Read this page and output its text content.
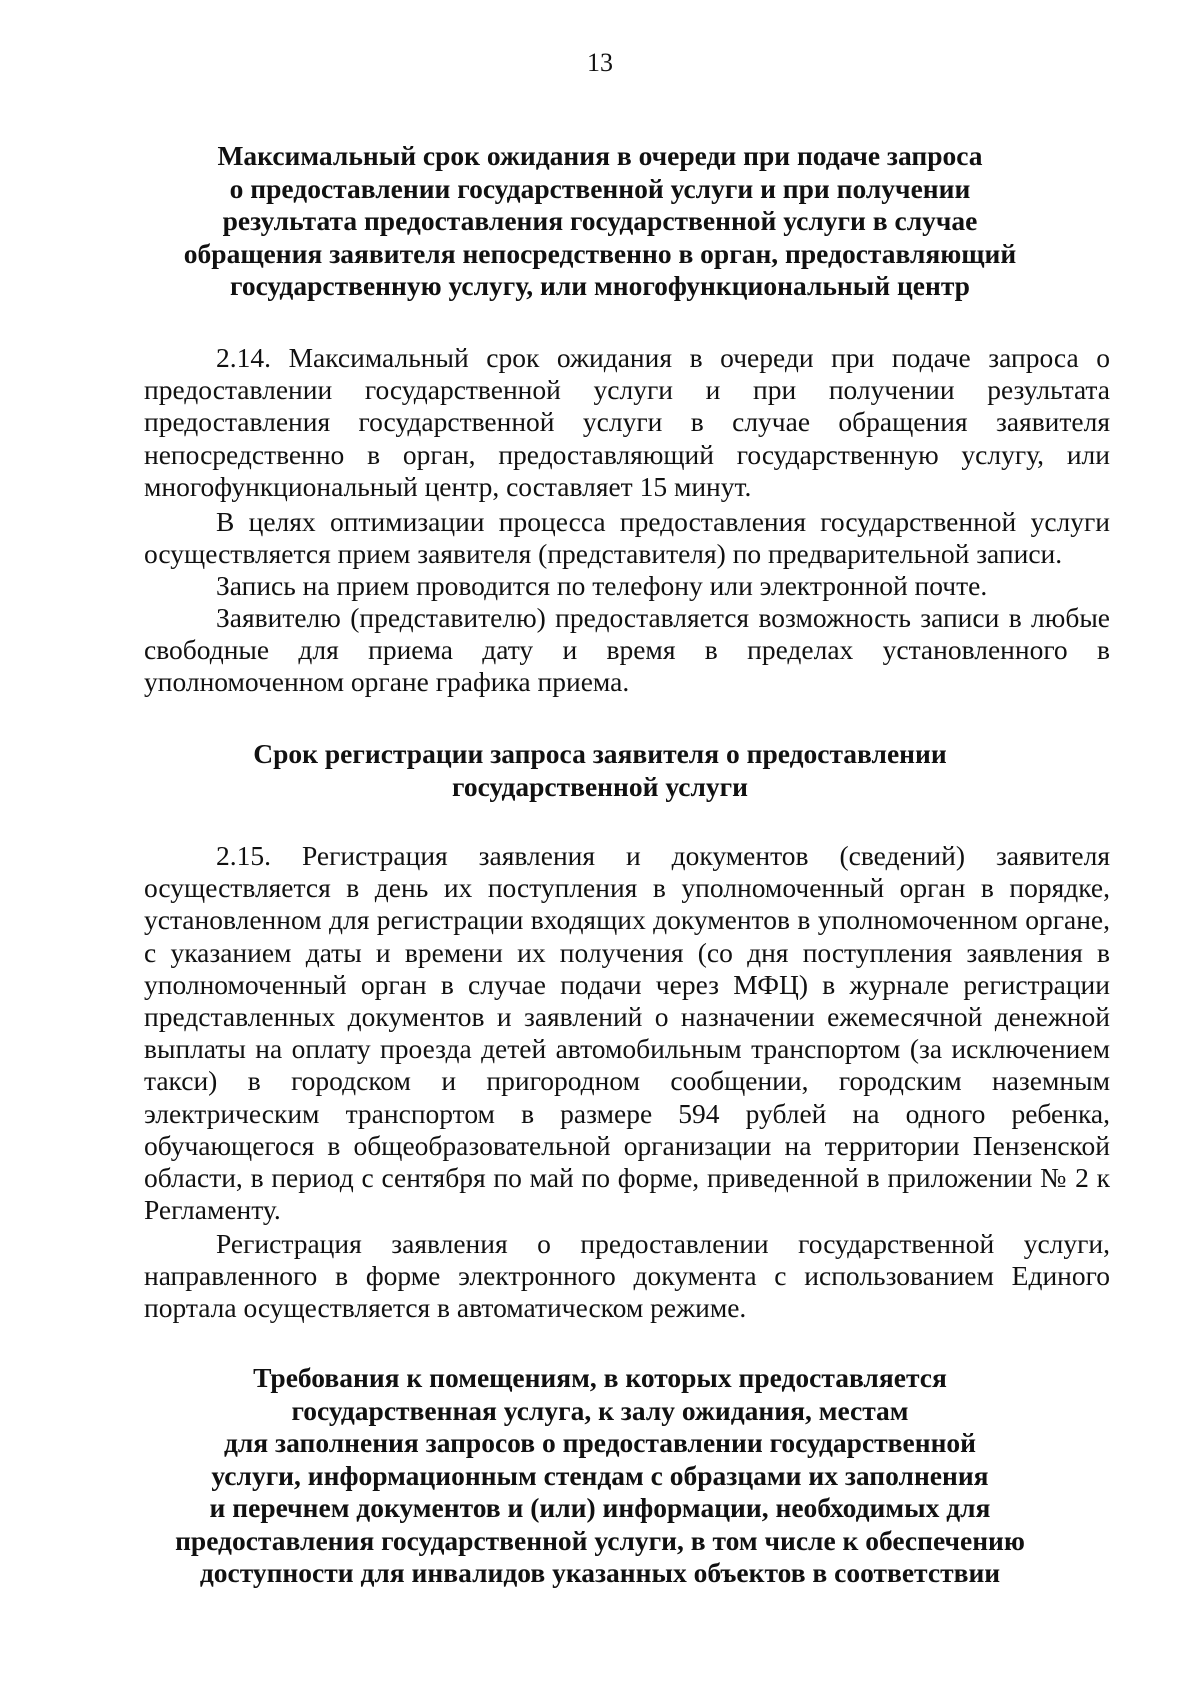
13
Максимальный срок ожидания в очереди при подаче запроса
о предоставлении государственной услуги и при получении
результата предоставления государственной услуги в случае
обращения заявителя непосредственно в орган, предоставляющий
государственную услугу, или многофункциональный центр

2.14. Максимальный срок ожидания в очереди при подаче запроса о предоставлении государственной услуги и при получении результата предоставления государственной услуги в случае обращения заявителя непосредственно в орган, предоставляющий государственную услугу, или многофункциональный центр, составляет 15 минут.

В целях оптимизации процесса предоставления государственной услуги осуществляется прием заявителя (представителя) по предварительной записи.

Запись на прием проводится по телефону или электронной почте.

Заявителю (представителю) предоставляется возможность записи в любые свободные для приема дату и время в пределах установленного в уполномоченном органе графика приема.

Срок регистрации запроса заявителя о предоставлении
государственной услуги

2.15. Регистрация заявления и документов (сведений) заявителя осуществляется в день их поступления в уполномоченный орган в порядке, установленном для регистрации входящих документов в уполномоченном органе, с указанием даты и времени их получения (со дня поступления заявления в уполномоченный орган в случае подачи через МФЦ) в журнале регистрации представленных документов и заявлений о назначении ежемесячной денежной выплаты на оплату проезда детей автомобильным транспортом (за исключением такси) в городском и пригородном сообщении, городским наземным электрическим транспортом в размере 594 рублей на одного ребенка, обучающегося в общеобразовательной организации на территории Пензенской области, в период с сентября по май по форме, приведенной в приложении № 2 к Регламенту.

Регистрация заявления о предоставлении государственной услуги, направленного в форме электронного документа с использованием Единого портала осуществляется в автоматическом режиме.

Требования к помещениям, в которых предоставляется
государственная услуга, к залу ожидания, местам
для заполнения запросов о предоставлении государственной
услуги, информационным стендам с образцами их заполнения
и перечнем документов и (или) информации, необходимых для
предоставления государственной услуги, в том числе к обеспечению
доступности для инвалидов указанных объектов в соответствии
